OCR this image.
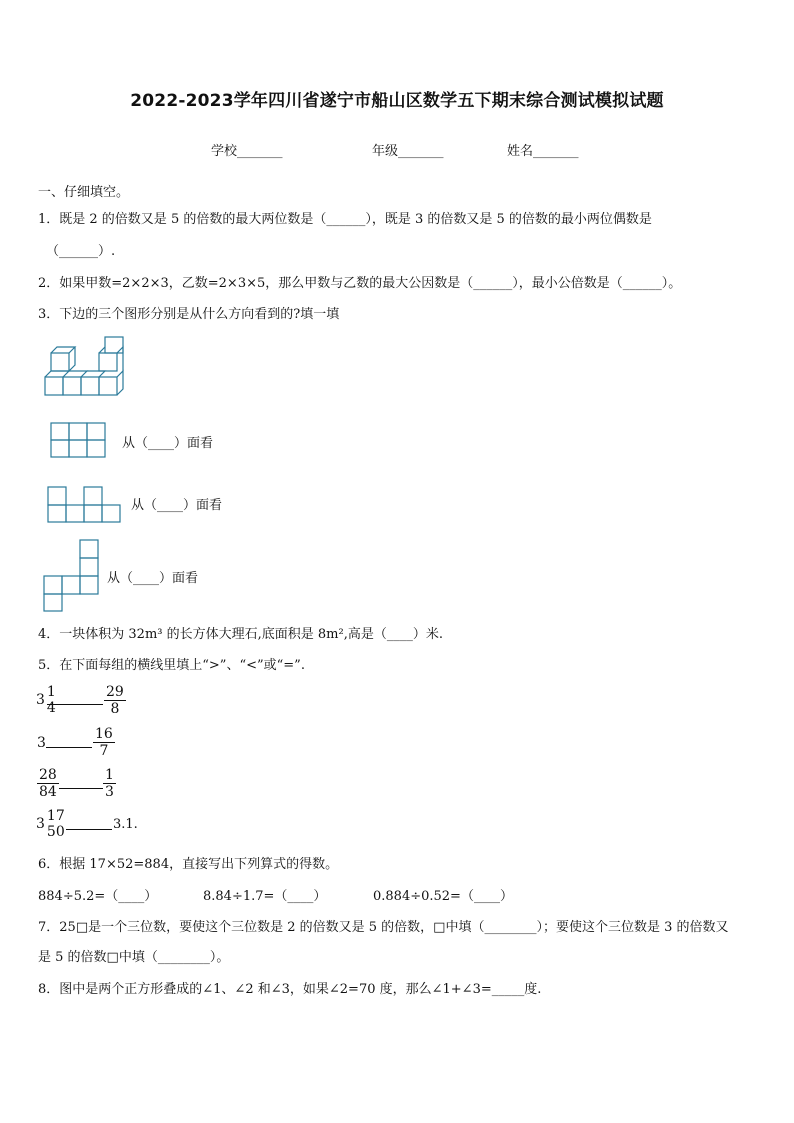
2022-2023学年四川省遂宁市船山区数学五下期末综合测试模拟试题
学校_______	年级_______	姓名_______
一、仔细填空。
1．既是 2 的倍数又是 5 的倍数的最大两位数是（______），既是 3 的倍数又是 5 的倍数的最小两位偶数是
（______）.
2．如果甲数=2×2×3，乙数=2×3×5，那么甲数与乙数的最大公因数是（______），最小公倍数是（______）。
3．下边的三个图形分别是从什么方向看到的?填一填
从（____）面看
从（____）面看
从（____）面看
4．一块体积为 32m³ 的长方体大理石,底面积是 8m²,高是（____）米.
5．在下面每组的横线里填上“>”、“<”或“=”.
3 1
4	$\frac{29}{8}$
3	$\frac{16}{7}$
$\frac{28}{84}$	$\frac{1}{3}$
3 17
50	3.1.
6．根据 17×52=884，直接写出下列算式的得数。
884÷5.2=（____）	8.84÷1.7=（____）	0.884÷0.52=（____）
7．25□是一个三位数，要使这个三位数是 2 的倍数又是 5 的倍数，□中填（________）；要使这个三位数是 3 的倍数又
是 5 的倍数□中填（________）。
8．图中是两个正方形叠成的∠1、∠2 和∠3，如果∠2=70 度，那么∠1+∠3=_____度.
